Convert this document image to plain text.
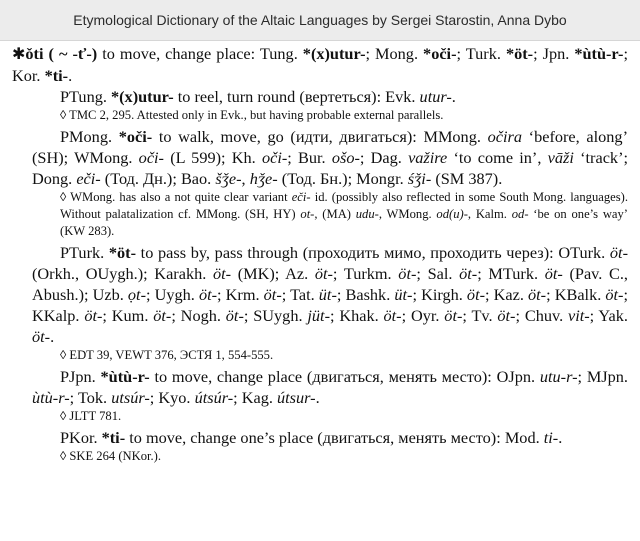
Etymological Dictionary of the Altaic Languages by Sergei Starostin, Anna Dybo

✱ǒti ( ~ -ť-) to move, change place: Tung. *(x)utur-; Mong. *oči-; Turk. *öt-; Jpn. *ùtù-r-; Kor. *ti-.

PTung. *(x)utur- to reel, turn round (вертеться): Evk. utur-.

◊ TMC 2, 295. Attested only in Evk., but having probable external parallels.

PMong. *oči- to walk, move, go (идти, двигаться): MMong. očira ‘before, along’ (SH); WMong. oči- (L 599); Kh. oči-; Bur. ošo-; Dag. važire ‘to come in’, vāži ‘track’; Dong. eči- (Тод. Дн.); Bao. šǯe-, hǯe- (Тод. Бн.); Mongr. śǯi- (SM 387).

◊ WMong. has also a not quite clear variant eči- id. (possibly also reflected in some South Mong. languages). Without palatalization cf. MMong. (SH, HY) ot-, (MA) udu-, WMong. od(u)-, Kalm. od- ‘be on one’s way’ (KW 283).

PTurk. *öt- to pass by, pass through (проходить мимо, проходить через): OTurk. öt- (Orkh., OUygh.); Karakh. öt- (MK); Az. öt-; Turkm. öt-; Sal. öt-; MTurk. öt- (Pav. C., Abush.); Uzb. ọt-; Uygh. öt-; Krm. öt-; Tat. üt-; Bashk. üt-; Kirgh. öt-; Kaz. öt-; KBalk. öt-; KKalp. öt-; Kum. öt-; Nogh. öt-; SUygh. jüt-; Khak. öt-; Oyr. öt-; Tv. öt-; Chuv. vit-; Yak. öt-.

◊ EDT 39, VEWT 376, ЭСТЯ 1, 554-555.

PJpn. *ùtù-r- to move, change place (двигаться, менять место): OJpn. utu-r-; MJpn. ùtù-r-; Tok. utsúr-; Kyo. útsúr-; Kag. útsur-.

◊ JLTT 781.

PKor. *ti- to move, change one’s place (двигаться, менять место): Mod. ti-.

◊ SKE 264 (NKor.).
